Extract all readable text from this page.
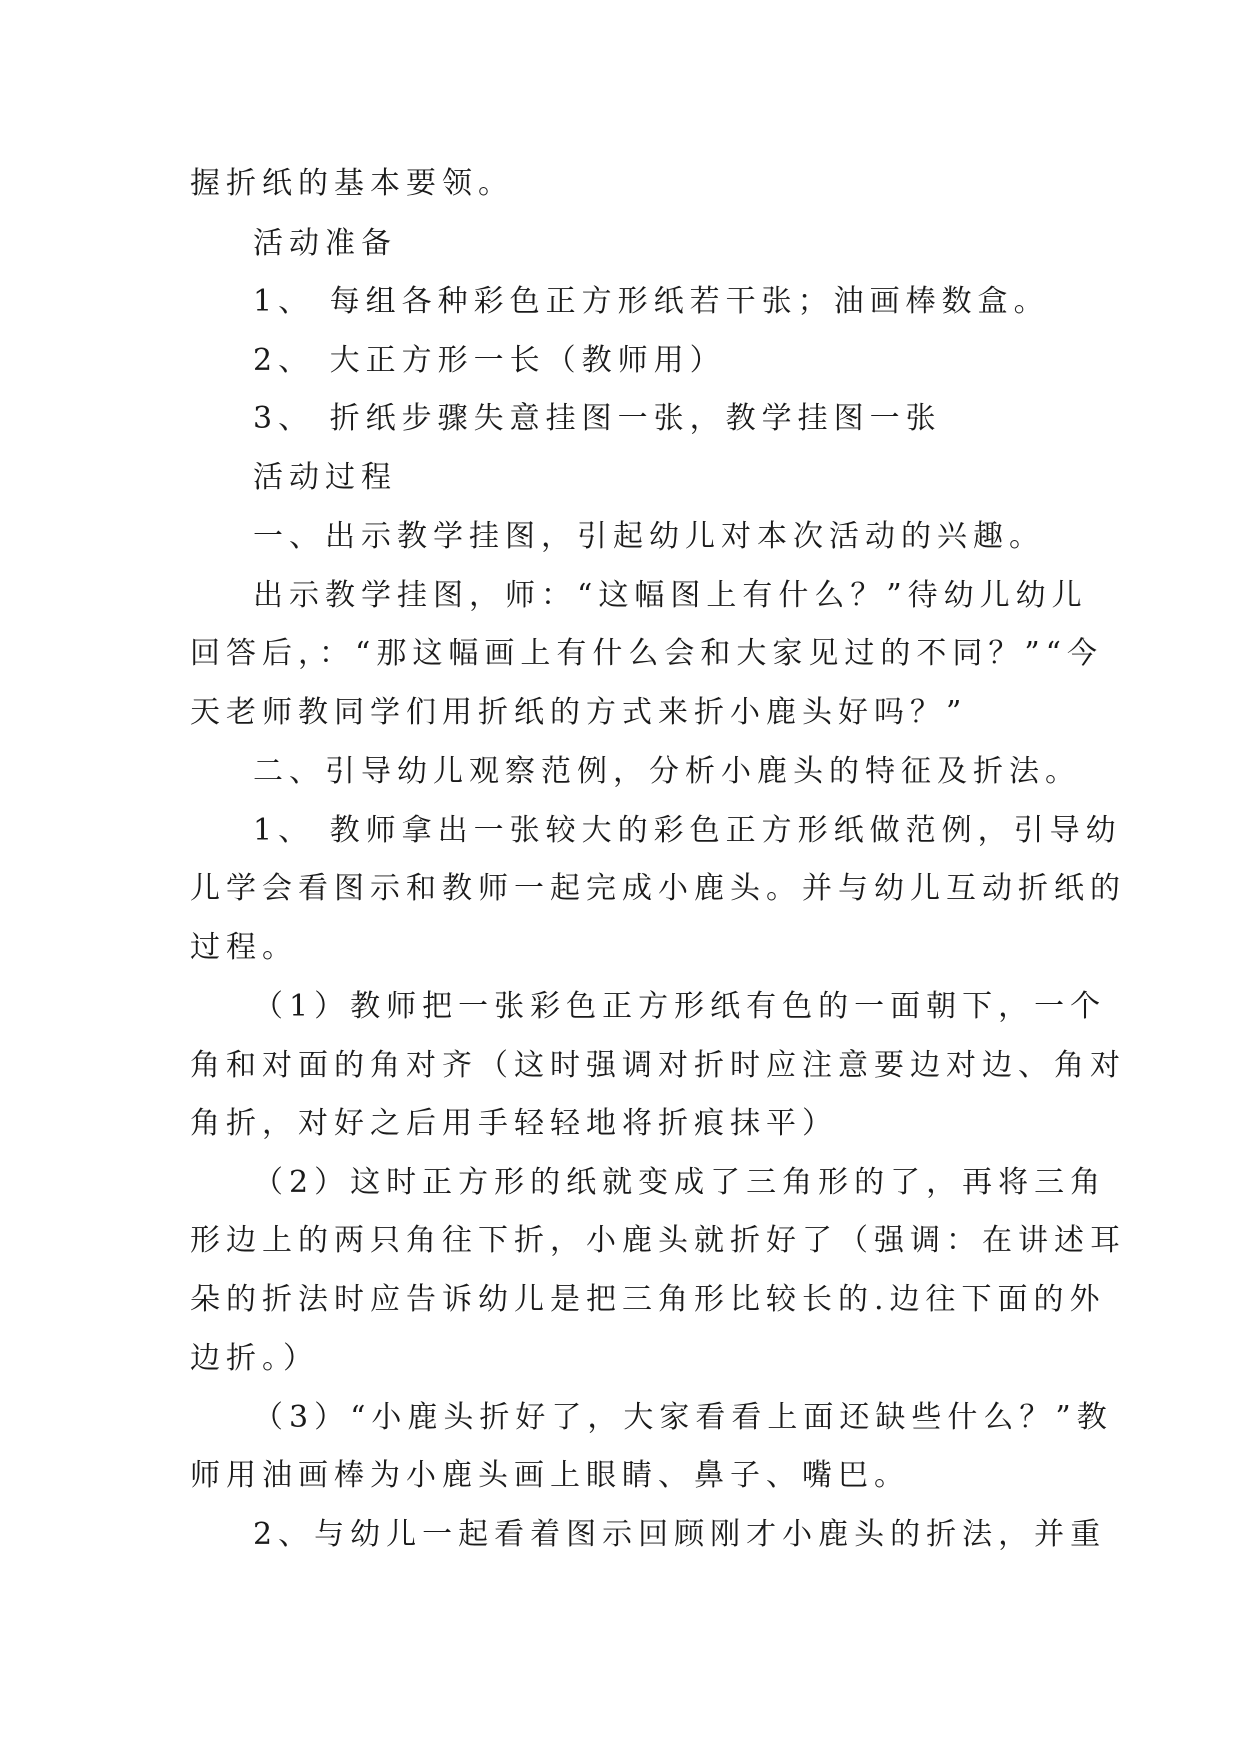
握折纸的基本要领。
活动准备
1、 每组各种彩色正方形纸若干张；油画棒数盒。
2、 大正方形一长（教师用）
3、 折纸步骤失意挂图一张，教学挂图一张
活动过程
一、出示教学挂图，引起幼儿对本次活动的兴趣。
出示教学挂图，师：“这幅图上有什么？”待幼儿幼儿
回答后，：“那这幅画上有什么会和大家见过的不同？”“今
天老师教同学们用折纸的方式来折小鹿头好吗？”
二、引导幼儿观察范例，分析小鹿头的特征及折法。
1、 教师拿出一张较大的彩色正方形纸做范例，引导幼
儿学会看图示和教师一起完成小鹿头。并与幼儿互动折纸的
过程。
（1）教师把一张彩色正方形纸有色的一面朝下，一个
角和对面的角对齐（这时强调对折时应注意要边对边、角对
角折，对好之后用手轻轻地将折痕抹平）
（2）这时正方形的纸就变成了三角形的了，再将三角
形边上的两只角往下折，小鹿头就折好了（强调：在讲述耳
朵的折法时应告诉幼儿是把三角形比较长的.边往下面的外
边折。）
（3）“小鹿头折好了，大家看看上面还缺些什么？”教
师用油画棒为小鹿头画上眼睛、鼻子、嘴巴。
2、与幼儿一起看着图示回顾刚才小鹿头的折法，并重
